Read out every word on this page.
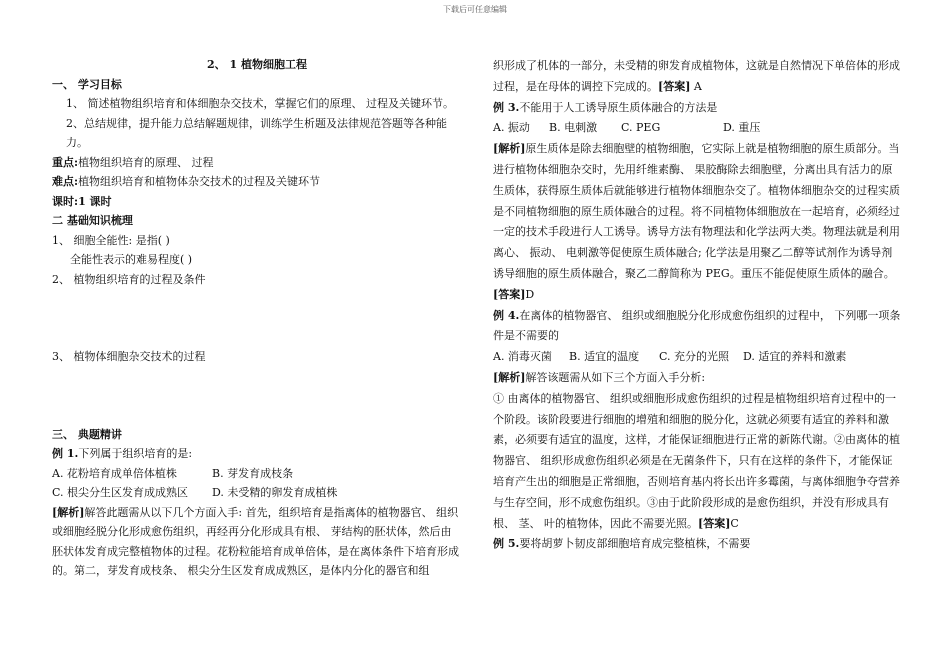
下载后可任意编辑

2、 1 植物细胞工程

一、 学习目标

1、 简述植物组织培育和体细胞杂交技术，掌握它们的原理、 过程及关键环节。

2、总结规律，提升能力总结解题规律，训练学生析题及法律规范答题等各种能力。

重点:植物组织培育的原理、 过程

难点:植物组织培育和植物体杂交技术的过程及关键环节

课时:1 课时

二 基础知识梳理

1、 细胞全能性: 是指( )

全能性表示的难易程度( )

2、 植物组织培育的过程及条件

3、 植物体细胞杂交技术的过程

三、 典题精讲

例 1.下列属于组织培育的是:

A. 花粉培育成单倍体植株	B. 芽发育成枝条

C. 根尖分生区发育成成熟区 D. 未受精的卵发育成植株

[解析]解答此题需从以下几个方面入手: 首先，组织培育是指离体的植物器官、 组织或细胞经脱分化形成愈伤组织，再经再分化形成具有根、 芽结构的胚状体，然后由胚状体发育成完整植物体的过程。花粉粒能培育成单倍体，是在离体条件下培育形成的。第二，芽发育成枝条、 根尖分生区发育成成熟区，是体内分化的器官和组

织形成了机体的一部分，未受精的卵发育成植物体，这就是自然情况下单倍体的形成过程，是在母体的调控下完成的。[答案] A

例 3.不能用于人工诱导原生质体融合的方法是

A. 振动 B. 电刺激 C. PEG	D. 重压

[解析]原生质体是除去细胞壁的植物细胞，它实际上就是植物细胞的原生质部分。当进行植物体细胞杂交时，先用纤维素酶、 果胶酶除去细胞壁，分离出具有活力的原生质体，获得原生质体后就能够进行植物体细胞杂交了。植物体细胞杂交的过程实质是不同植物细胞的原生质体融合的过程。将不同植物体细胞放在一起培育，必须经过一定的技术手段进行人工诱导。诱导方法有物理法和化学法两大类。物理法就是利用离心、 振动、 电刺激等促使原生质体融合; 化学法是用聚乙二醇等试剂作为诱导剂诱导细胞的原生质体融合，聚乙二醇简称为 PEG。重压不能促使原生质体的融合。[答案]D

例 4.在离体的植物器官、 组织或细胞脱分化形成愈伤组织的过程中， 下列哪一项条件是不需要的

A. 消毒灭菌 B. 适宜的温度 C. 充分的光照 D. 适宜的养料和激素

[解析]解答该题需从如下三个方面入手分析:

① 由离体的植物器官、 组织或细胞形成愈伤组织的过程是植物组织培育过程中的一个阶段。该阶段要进行细胞的增殖和细胞的脱分化，这就必须要有适宜的养料和激素，必须要有适宜的温度，这样，才能保证细胞进行正常的新陈代谢。②由离体的植物器官、 组织形成愈伤组织必须是在无菌条件下，只有在这样的条件下，才能保证培育产生出的细胞是正常细胞，否则培育基内将长出许多霉菌，与离体细胞争夺营养与生存空间，形不成愈伤组织。③由于此阶段形成的是愈伤组织，并没有形成具有根、 茎、 叶的植物体，因此不需要光照。[答案]C

例 5.要将胡萝卜韧皮部细胞培育成完整植株，不需要
